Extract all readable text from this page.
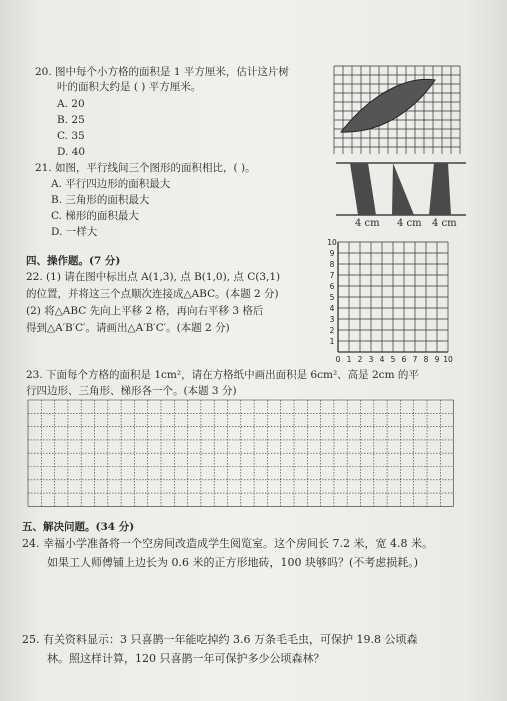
20. 图中每个小方格的面积是 1 平方厘米，估计这片树
叶的面积大约是 ( ) 平方厘米。
A. 20
B. 25
C. 35
D. 40
21. 如图，平行线间三个图形的面积相比，( )。
A. 平行四边形的面积最大
B. 三角形的面积最大
C. 梯形的面积最大
D. 一样大
4 cm 4 cm 4 cm
四、操作题。(7 分)
22. (1) 请在图中标出点 A(1,3), 点 B(1,0), 点 C(3,1)
的位置，并将这三个点顺次连接成△ABC。(本题 2 分)
(2) 将△ABC 先向上平移 2 格，再向右平移 3 格后
得到△A′B′C′。请画出△A′B′C′。(本题 2 分)
0 1 2 3 4 5 6 7 8 9 10
10
9
8
7
6
5
4
3
2
1
23. 下面每个方格的面积是 1cm²，请在方格纸中画出面积是 6cm²、高是 2cm 的平
行四边形、三角形、梯形各一个。(本题 3 分)
五、解决问题。(34 分)
24. 幸福小学准备将一个空房间改造成学生阅览室。这个房间长 7.2 米，宽 4.8 米。
如果工人师傅铺上边长为 0.6 米的正方形地砖，100 块够吗？(不考虑损耗。)
25. 有关资料显示：3 只喜鹊一年能吃掉约 3.6 万条毛毛虫，可保护 19.8 公顷森
林。照这样计算，120 只喜鹊一年可保护多少公顷森林？
